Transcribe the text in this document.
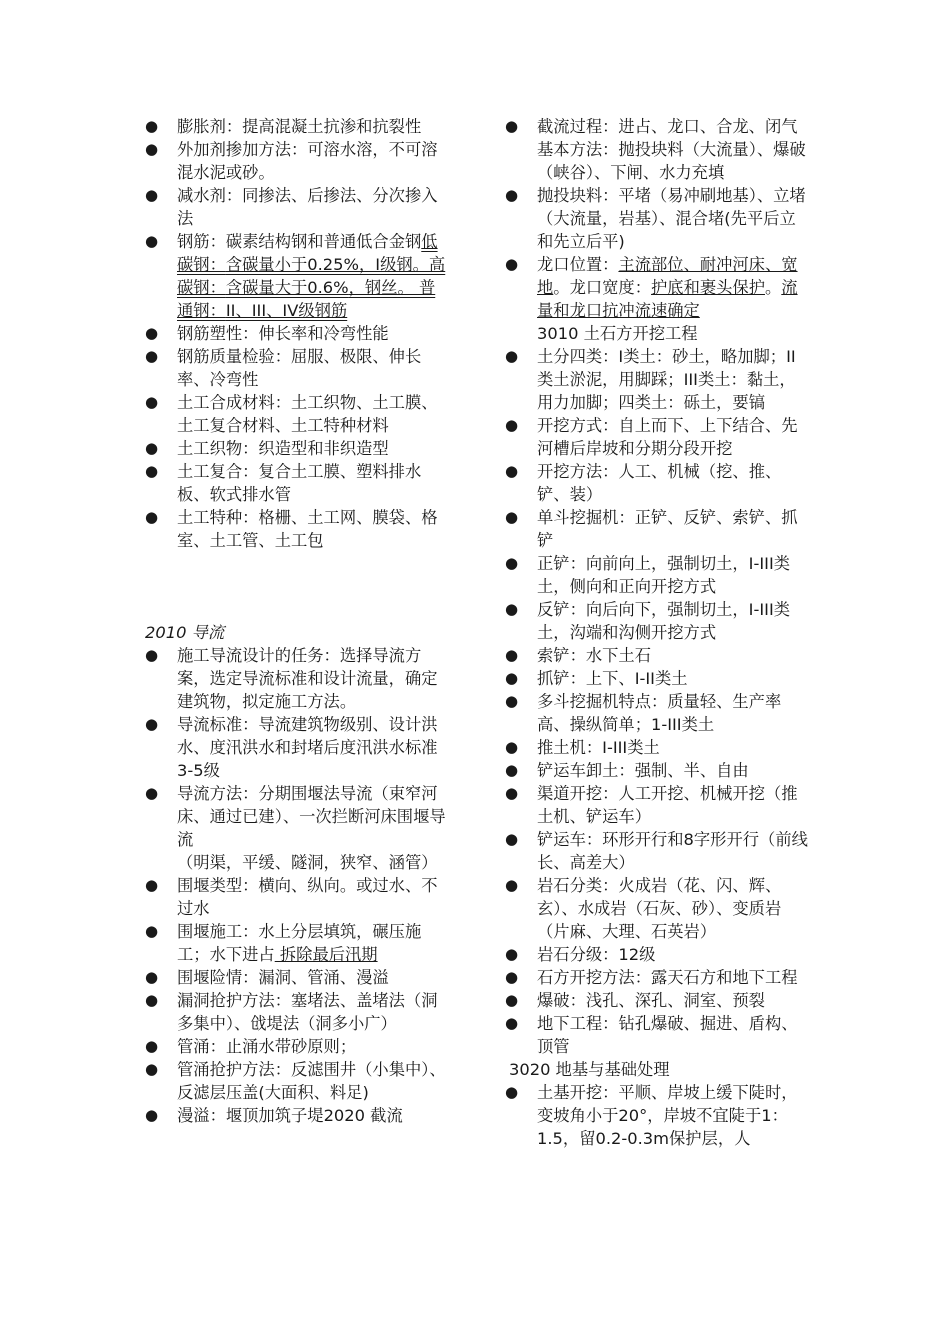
● 膨胀剂：提高混凝土抗渗和抗裂性
● 外加剂掺加方法：可溶水溶，不可溶混水泥或砂。
● 减水剂：同掺法、后掺法、分次掺入法
● 钢筋：碳素结构钢和普通低合金钢低碳钢：含碳量小于0.25%，Ⅰ级钢。高碳钢：含碳量大于0.6%，钢丝。 普通钢：II、III、IV级钢筋
● 钢筋塑性：伸长率和冷弯性能
● 钢筋质量检验：屈服、极限、伸长率、冷弯性
● 土工合成材料：土工织物、土工膜、土工复合材料、土工特种材料
● 土工织物：织造型和非织造型
● 土工复合：复合土工膜、塑料排水板、软式排水管
● 土工特种：格栅、土工网、膜袋、格室、土工管、土工包
2010 导流
● 施工导流设计的任务：选择导流方案，选定导流标准和设计流量，确定建筑物，拟定施工方法。
● 导流标准：导流建筑物级别、设计洪水、度汛洪水和封堵后度汛洪水标准　3-5级
● 导流方法：分期围堰法导流（束窄河床、通过已建）、一次拦断河床围堰导流（明渠，平缓、隧洞，狭窄、涵管）
● 围堰类型：横向、纵向。或过水、不过水
● 围堰施工：水上分层填筑，碾压施工；水下进占 拆除最后汛期
● 围堰险情：漏洞、管涌、漫溢
● 漏洞抢护方法：塞堵法、盖堵法（洞多集中）、戗堤法（洞多小广）
● 管涌：止涌水带砂原则；
● 管涌抢护方法：反滤围井（小集中）、反滤层压盖(大面积、料足)
● 漫溢：堰顶加筑子堤2020 截流
● 截流过程：进占、龙口、合龙、闭气　 基本方法：抛投块料（大流量）、爆破（峡谷）、下闸、水力充填
● 抛投块料：平堵（易冲刷地基）、立堵（大流量，岩基）、混合堵(先平后立和先立后平)
● 龙口位置：主流部位、耐冲河床、宽地。龙口宽度：护底和裹头保护。流量和龙口抗冲流速确定
3010 土石方开挖工程
● 土分四类：I类土：砂土，略加脚；II类土淤泥，用脚踩；III类土：黏土，用力加脚；四类土：砾土，要镐
● 开挖方式：自上而下、上下结合、先河槽后岸坡和分期分段开挖
● 开挖方法：人工、机械（挖、推、铲、装）
● 单斗挖掘机：正铲、反铲、索铲、抓铲
● 正铲：向前向上，强制切土，I-III类土，侧向和正向开挖方式
● 反铲：向后向下，强制切土，I-III类土，沟端和沟侧开挖方式
● 索铲：水下土石
● 抓铲：上下、I-II类土
● 多斗挖掘机特点：质量轻、生产率高、操纵简单；1-III类土
● 推土机：I-III类土
● 铲运车卸土：强制、半、自由
● 渠道开挖：人工开挖、机械开挖（推土机、铲运车）
● 铲运车：环形开行和8字形开行（前线长、高差大）
● 岩石分类：火成岩（花、闪、辉、玄）、水成岩（石灰、砂）、变质岩（片麻、大理、石英岩）
● 岩石分级：12级
● 石方开挖方法：露天石方和地下工程
● 爆破：浅孔、深孔、洞室、预裂
● 地下工程：钻孔爆破、掘进、盾构、顶管
3020 地基与基础处理
● 土基开挖：平顺、岸坡上缓下陡时，变坡角小于20°，岸坡不宜陡于1：1.5，留0.2-0.3m保护层，人
